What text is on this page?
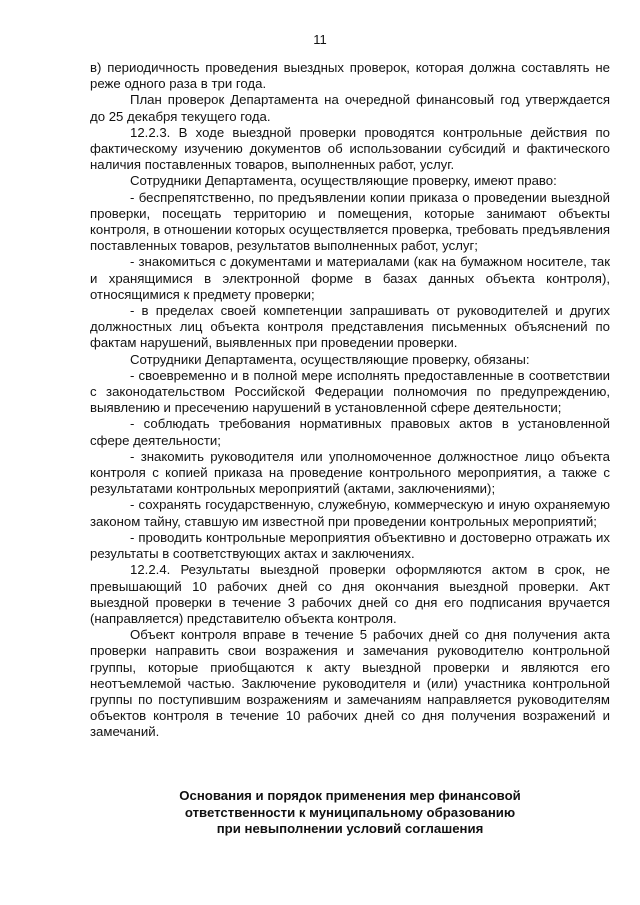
11

в) периодичность проведения выездных проверок, которая должна составлять не реже одного раза в три года.

План проверок Департамента на очередной финансовый год утверждается до 25 декабря текущего года.

12.2.3. В ходе выездной проверки проводятся контрольные действия по фактическому изучению документов об использовании субсидий и фактического наличия поставленных товаров, выполненных работ, услуг.

Сотрудники Департамента, осуществляющие проверку, имеют право:

- беспрепятственно, по предъявлении копии приказа о проведении выездной проверки, посещать территорию и помещения, которые занимают объекты контроля, в отношении которых осуществляется проверка, требовать предъявления поставленных товаров, результатов выполненных работ, услуг;

- знакомиться с документами и материалами (как на бумажном носителе, так и хранящимися в электронной форме в базах данных объекта контроля), относящимися к предмету проверки;

- в пределах своей компетенции запрашивать от руководителей и других должностных лиц объекта контроля представления письменных объяснений по фактам нарушений, выявленных при проведении проверки.

Сотрудники Департамента, осуществляющие проверку, обязаны:

- своевременно и в полной мере исполнять предоставленные в соответствии с законодательством Российской Федерации полномочия по предупреждению, выявлению и пресечению нарушений в установленной сфере деятельности;

- соблюдать требования нормативных правовых актов в установленной сфере деятельности;

- знакомить руководителя или уполномоченное должностное лицо объекта контроля с копией приказа на проведение контрольного мероприятия, а также с результатами контрольных мероприятий (актами, заключениями);

- сохранять государственную, служебную, коммерческую и иную охраняемую законом тайну, ставшую им известной при проведении контрольных мероприятий;

- проводить контрольные мероприятия объективно и достоверно отражать их результаты в соответствующих актах и заключениях.

12.2.4. Результаты выездной проверки оформляются актом в срок, не превышающий 10 рабочих дней со дня окончания выездной проверки. Акт выездной проверки в течение 3 рабочих дней со дня его подписания вручается (направляется) представителю объекта контроля.

Объект контроля вправе в течение 5 рабочих дней со дня получения акта проверки направить свои возражения и замечания руководителю контрольной группы, которые приобщаются к акту выездной проверки и являются его неотъемлемой частью. Заключение руководителя и (или) участника контрольной группы по поступившим возражениям и замечаниям направляется руководителям объектов контроля в течение 10 рабочих дней со дня получения возражений и замечаний.

Основания и порядок применения мер финансовой
ответственности к муниципальному образованию
при невыполнении условий соглашения
